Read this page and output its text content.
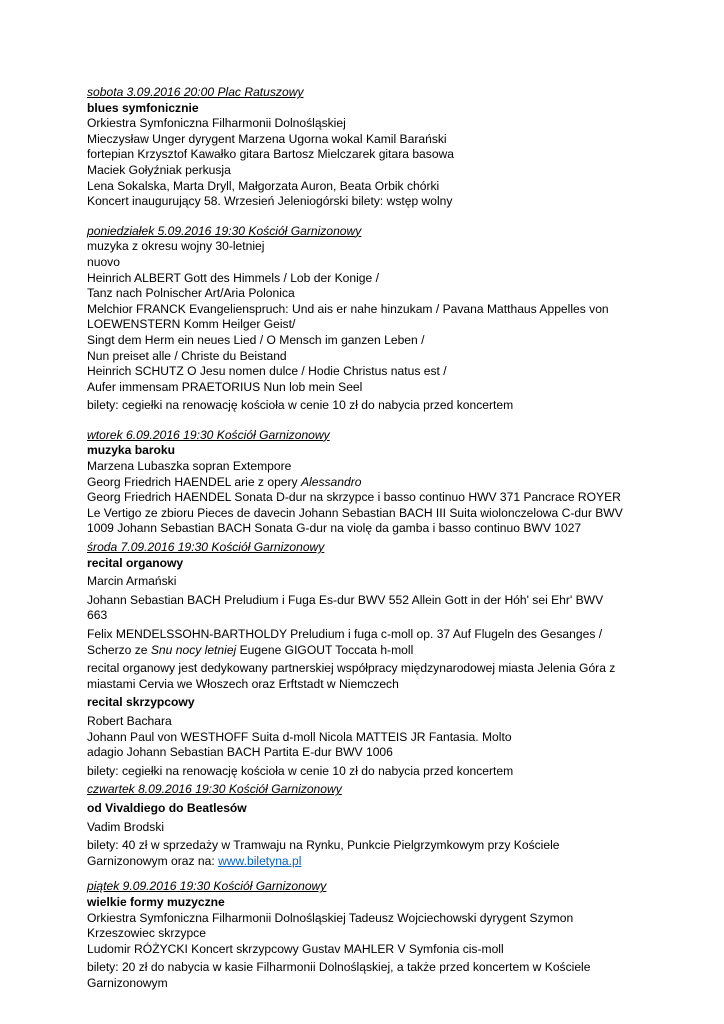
sobota 3.09.2016 20:00 Plac Ratuszowy
blues symfonicznie
Orkiestra Symfoniczna Filharmonii Dolnośląskiej
Mieczysław Unger dyrygent Marzena Ugorna wokal Kamil Barański
fortepian Krzysztof Kawałko gitara Bartosz Mielczarek gitara basowa
Maciek Gołyźniak perkusja
Lena Sokalska, Marta Dryll, Małgorzata Auron, Beata Orbik chórki
Koncert inaugurujący 58. Wrzesień Jeleniogórski bilety: wstęp wolny
poniedziałek 5.09.2016 19:30 Kościół Garnizonowy
muzyka z okresu wojny 30-letniej
nuovo
Heinrich ALBERT Gott des Himmels / Lob der Konige /
Tanz nach Polnischer Art/Aria Polonica
Melchior FRANCK Evangelienspruch: Und ais er nahe hinzukam / Pavana Matthaus Appelles von
LOEWENSTERN Komm Heilger Geist/
Singt dem Herm ein neues Lied / O Mensch im ganzen Leben /
Nun preiset alle / Christe du Beistand
Heinrich SCHUTZ O Jesu nomen dulce / Hodie Christus natus est /
Aufer immensam PRAETORIUS Nun lob mein Seel
bilety: cegiełki na renowację kościoła w cenie 10 zł do nabycia przed koncertem
wtorek 6.09.2016 19:30 Kościół Garnizonowy
muzyka baroku
Marzena Lubaszka sopran Extempore
Georg Friedrich HAENDEL arie z opery Alessandro
Georg Friedrich HAENDEL Sonata D-dur na skrzypce i basso continuo HWV 371 Pancrace ROYER
Le Vertigo ze zbioru Pieces de davecin Johann Sebastian BACH III Suita wiolonczelowa C-dur BWV
1009 Johann Sebastian BACH Sonata G-dur na violę da gamba i basso continuo BWV 1027
środa 7.09.2016 19:30 Kościół Garnizonowy
recital organowy
Marcin Armański
Johann Sebastian BACH Preludium i Fuga Es-dur BWV 552 Allein Gott in der Hóh' sei Ehr' BWV
663
Felix MENDELSSOHN-BARTHOLDY Preludium i fuga c-moll op. 37 Auf Flugeln des Gesanges /
Scherzo ze Snu nocy letniej Eugene GIGOUT Toccata h-moll
recital organowy jest dedykowany partnerskiej współpracy międzynarodowej miasta Jelenia Góra z
miastami Cervia we Włoszech oraz Erftstadt w Niemczech
recital skrzypcowy
Robert Bachara
Johann Paul von WESTHOFF Suita d-moll Nicola MATTEIS JR Fantasia. Molto
adagio Johann Sebastian BACH Partita E-dur BWV 1006
bilety: cegiełki na renowację kościoła w cenie 10 zł do nabycia przed koncertem
czwartek 8.09.2016 19:30 Kościół Garnizonowy
od Vivaldiego do Beatlesów
Vadim Brodski
bilety: 40 zł w sprzedaży w Tramwaju na Rynku, Punkcie Pielgrzymkowym przy Kościele
Garnizonowym oraz na: www.biletyna.pl
piątek 9.09.2016 19:30 Kościół Garnizonowy
wielkie formy muzyczne
Orkiestra Symfoniczna Filharmonii Dolnośląskiej Tadeusz Wojciechowski dyrygent Szymon
Krzeszowiec skrzypce
Ludomir RÓŻYCKI Koncert skrzypcowy Gustav MAHLER V Symfonia cis-moll
bilety: 20 zł do nabycia w kasie Filharmonii Dolnośląskiej, a także przed koncertem w Kościele
Garnizonowym
